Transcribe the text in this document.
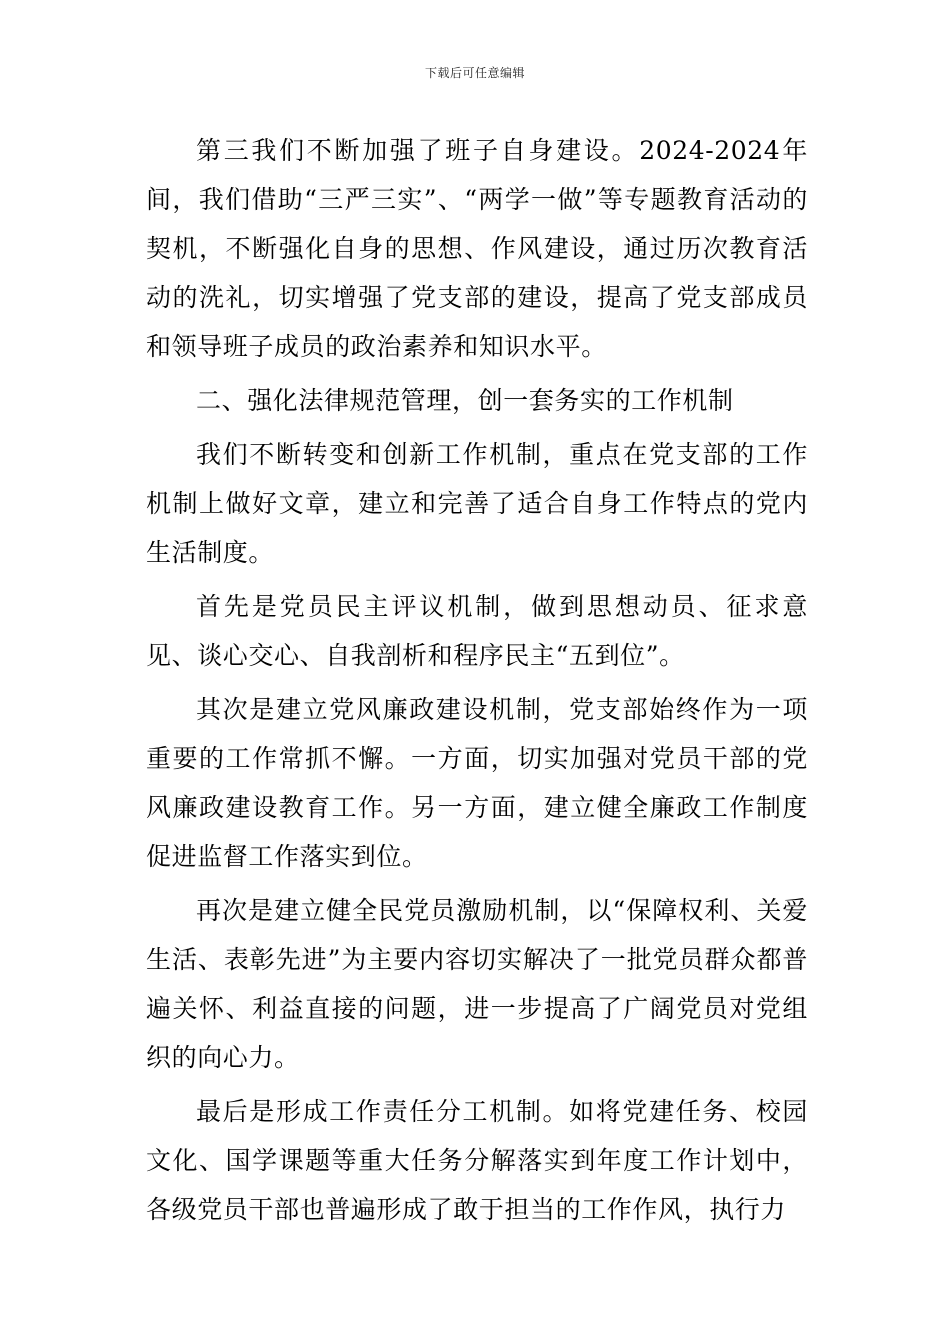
下载后可任意编辑

第三我们不断加强了班子自身建设。2024-2024年间，我们借助“三严三实”、“两学一做”等专题教育活动的契机，不断强化自身的思想、作风建设，通过历次教育活动的洗礼，切实增强了党支部的建设，提高了党支部成员和领导班子成员的政治素养和知识水平。

二、强化法律规范管理，创一套务实的工作机制

我们不断转变和创新工作机制，重点在党支部的工作机制上做好文章，建立和完善了适合自身工作特点的党内生活制度。

首先是党员民主评议机制，做到思想动员、征求意见、谈心交心、自我剖析和程序民主“五到位”。

其次是建立党风廉政建设机制，党支部始终作为一项重要的工作常抓不懈。一方面，切实加强对党员干部的党风廉政建设教育工作。另一方面，建立健全廉政工作制度促进监督工作落实到位。

再次是建立健全民党员激励机制，以“保障权利、关爱生活、表彰先进”为主要内容切实解决了一批党员群众都普遍关怀、利益直接的问题，进一步提高了广阔党员对党组织的向心力。

最后是形成工作责任分工机制。如将党建任务、校园文化、国学课题等重大任务分解落实到年度工作计划中，各级党员干部也普遍形成了敢于担当的工作作风，执行力
